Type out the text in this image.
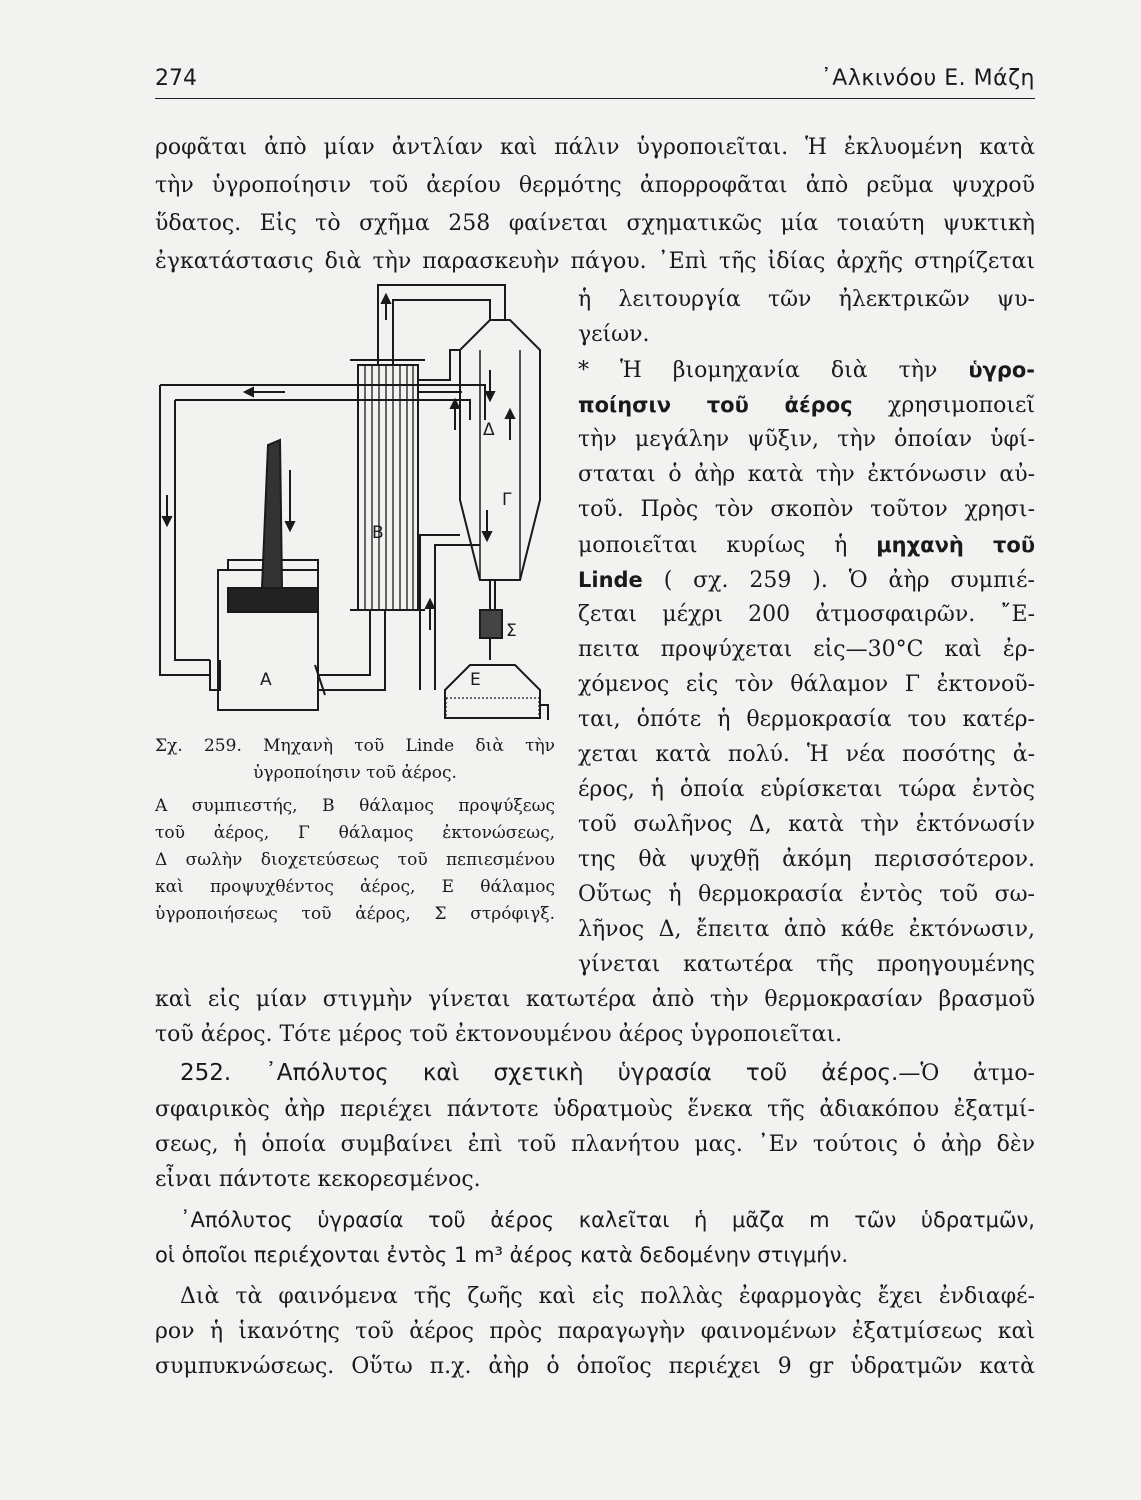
274	᾿Αλκινόου Ε. Μάζη
ροφᾶται ἀπὸ μίαν ἀντλίαν καὶ πάλιν ὑγροποιεῖται. Ἡ ἐκλυομένη κατὰ
τὴν ὑγροποίησιν τοῦ ἀερίου θερμότης ἀπορροφᾶται ἀπὸ ρεῦμα ψυχροῦ
ὕδατος. Εἰς τὸ σχῆμα 258 φαίνεται σχηματικῶς μία τοιαύτη ψυκτικὴ
ἐγκατάστασις διὰ τὴν παρασκευὴν πάγου. ᾿Επὶ τῆς ἰδίας ἀρχῆς στηρίζεται
ἡ λειτουργία τῶν ἠλεκτρικῶν ψυ-
γείων.
* Ἡ βιομηχανία διὰ τὴν ὑγρο-
ποίησιν τοῦ ἀέρος χρησιμοποιεῖ
τὴν μεγάλην ψῦξιν, τὴν ὁποίαν ὑφί-
σταται ὁ ἀὴρ κατὰ τὴν ἐκτόνωσιν αὐ-
τοῦ. Πρὸς τὸν σκοπὸν τοῦτον χρησι-
μοποιεῖται κυρίως ἡ μηχανὴ τοῦ
Linde ( σχ. 259 ). Ὁ ἀὴρ συμπιέ-
ζεται μέχρι 200 ἀτμοσφαιρῶν. ῎Ε-
πειτα προψύχεται εἰς—30°C καὶ ἐρ-
χόμενος εἰς τὸν θάλαμον Γ ἐκτονοῦ-
ται, ὁπότε ἡ θερμοκρασία του κατέρ-
χεται κατὰ πολύ. Ἡ νέα ποσότης ἀ-
έρος, ἡ ὁποία εὑρίσκεται τώρα ἐντὸς
τοῦ σωλῆνος Δ, κατὰ τὴν ἐκτόνωσίν
της θὰ ψυχθῇ ἀκόμη περισσότερον.
Οὕτως ἡ θερμοκρασία ἐντὸς τοῦ σω-
λῆνος Δ, ἔπειτα ἀπὸ κάθε ἐκτόνωσιν,
γίνεται κατωτέρα τῆς προηγουμένης
A
B
Γ
Δ
E
Σ
Σχ. 259. Μηχανὴ τοῦ Linde διὰ τὴν
ὑγροποίησιν τοῦ ἀέρος.
Α συμπιεστής, Β θάλαμος προψύξεως
τοῦ ἀέρος, Γ θάλαμος ἐκτονώσεως,
Δ σωλὴν διοχετεύσεως τοῦ πεπιεσμένου
καὶ προψυχθέντος ἀέρος, Ε θάλαμος
ὑγροποιήσεως τοῦ ἀέρος, Σ στρόφιγξ.
καὶ εἰς μίαν στιγμὴν γίνεται κατωτέρα ἀπὸ τὴν θερμοκρασίαν βρασμοῦ
τοῦ ἀέρος. Τότε μέρος τοῦ ἐκτονουμένου ἀέρος ὑγροποιεῖται.
252. ᾿Απόλυτος καὶ σχετικὴ ὑγρασία τοῦ ἀέρος.—Ὁ ἀτμο-
σφαιρικὸς ἀὴρ περιέχει πάντοτε ὑδρατμοὺς ἕνεκα τῆς ἀδιακόπου ἐξατμί-
σεως, ἡ ὁποία συμβαίνει ἐπὶ τοῦ πλανήτου μας. ᾿Εν τούτοις ὁ ἀὴρ δὲν
εἶναι πάντοτε κεκορεσμένος.
᾿Απόλυτος ὑγρασία τοῦ ἀέρος καλεῖται ἡ μᾶζα m τῶν ὑδρατμῶν,
οἱ ὁποῖοι περιέχονται ἐντὸς 1 m³ ἀέρος κατὰ δεδομένην στιγμήν.
Διὰ τὰ φαινόμενα τῆς ζωῆς καὶ εἰς πολλὰς ἐφαρμογὰς ἔχει ἐνδιαφέ-
ρον ἡ ἱκανότης τοῦ ἀέρος πρὸς παραγωγὴν φαινομένων ἐξατμίσεως καὶ
συμπυκνώσεως. Οὕτω π.χ. ἀὴρ ὁ ὁποῖος περιέχει 9 gr ὑδρατμῶν κατὰ
